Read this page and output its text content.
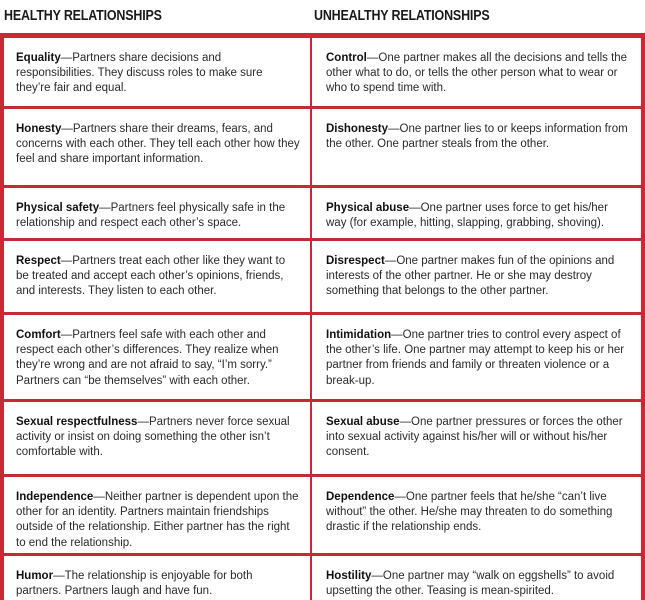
HEALTHY RELATIONSHIPS	UNHEALTHY RELATIONSHIPS
Equality—Partners share decisions and responsibilities. They discuss roles to make sure they’re fair and equal.
Control—One partner makes all the decisions and tells the other what to do, or tells the other person what to wear or who to spend time with.
Honesty—Partners share their dreams, fears, and concerns with each other. They tell each other how they feel and share important information.
Dishonesty—One partner lies to or keeps information from the other. One partner steals from the other.
Physical safety—Partners feel physically safe in the relationship and respect each other’s space.
Physical abuse—One partner uses force to get his/her way (for example, hitting, slapping, grabbing, shoving).
Respect—Partners treat each other like they want to be treated and accept each other’s opinions, friends, and interests. They listen to each other.
Disrespect—One partner makes fun of the opinions and interests of the other partner. He or she may destroy something that belongs to the other partner.
Comfort—Partners feel safe with each other and respect each other’s differences. They realize when they’re wrong and are not afraid to say, “I’m sorry.” Partners can “be themselves” with each other.
Intimidation—One partner tries to control every aspect of the other’s life. One partner may attempt to keep his or her partner from friends and family or threaten violence or a break-up.
Sexual respectfulness—Partners never force sexual activity or insist on doing something the other isn’t comfortable with.
Sexual abuse—One partner pressures or forces the other into sexual activity against his/her will or without his/her consent.
Independence—Neither partner is dependent upon the other for an identity. Partners maintain friendships outside of the relationship. Either partner has the right to end the relationship.
Dependence—One partner feels that he/she “can’t live without” the other. He/she may threaten to do something drastic if the relationship ends.
Humor—The relationship is enjoyable for both partners. Partners laugh and have fun.
Hostility—One partner may “walk on eggshells” to avoid upsetting the other. Teasing is mean-spirited.
